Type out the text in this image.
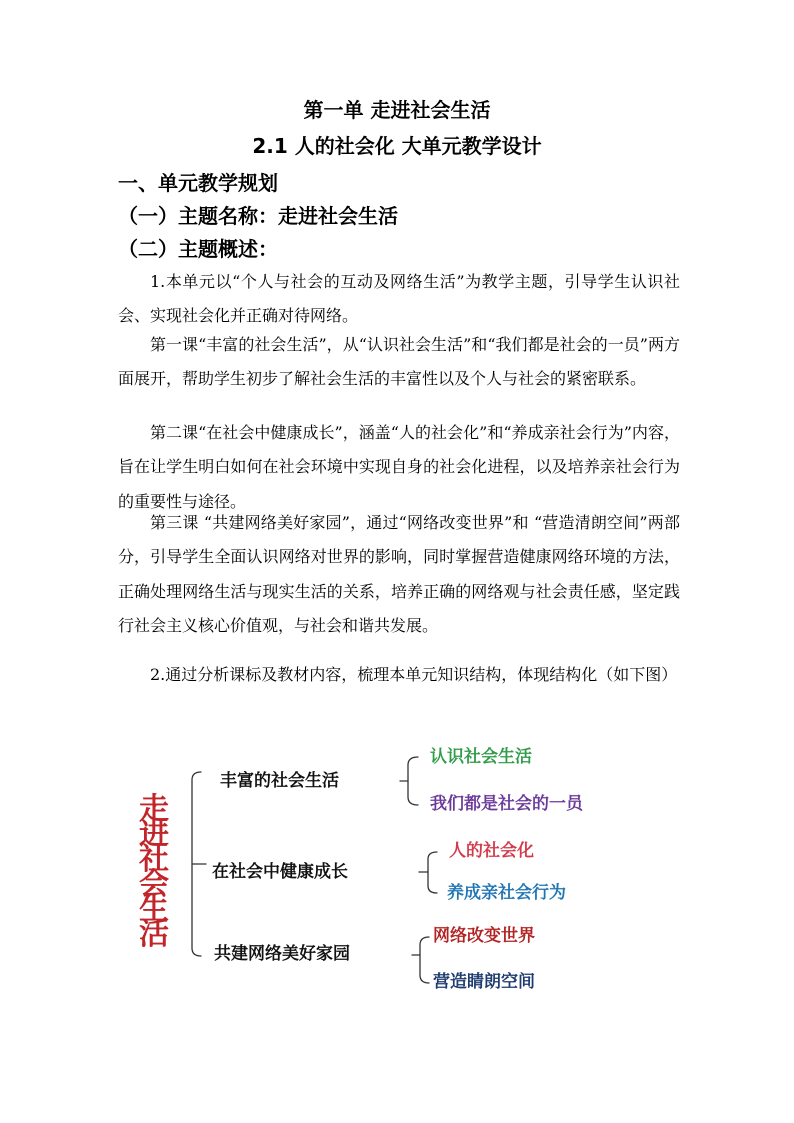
第一单 走进社会生活
2.1 人的社会化 大单元教学设计
一、单元教学规划
（一）主题名称：走进社会生活
（二）主题概述：

1.本单元以“个人与社会的互动及网络生活”为教学主题，引导学生认识社会、实现社会化并正确对待网络。

第一课“丰富的社会生活”，从“认识社会生活”和“我们都是社会的一员”两方面展开，帮助学生初步了解社会生活的丰富性以及个人与社会的紧密联系。

第二课“在社会中健康成长”，涵盖“人的社会化”和“养成亲社会行为”内容，旨在让学生明白如何在社会环境中实现自身的社会化进程，以及培养亲社会行为的重要性与途径。

第三课 “共建网络美好家园”，通过“网络改变世界”和 “营造清朗空间”两部分，引导学生全面认识网络对世界的影响，同时掌握营造健康网络环境的方法，正确处理网络生活与现实生活的关系，培养正确的网络观与社会责任感，坚定践行社会主义核心价值观，与社会和谐共发展。

2.通过分析课标及教材内容，梳理本单元知识结构，体现结构化（如下图）

走进社会生活
丰富的社会生活
在社会中健康成长
共建网络美好家园
认识社会生活
我们都是社会的一员
人的社会化
养成亲社会行为
网络改变世界
营造睛朗空间
